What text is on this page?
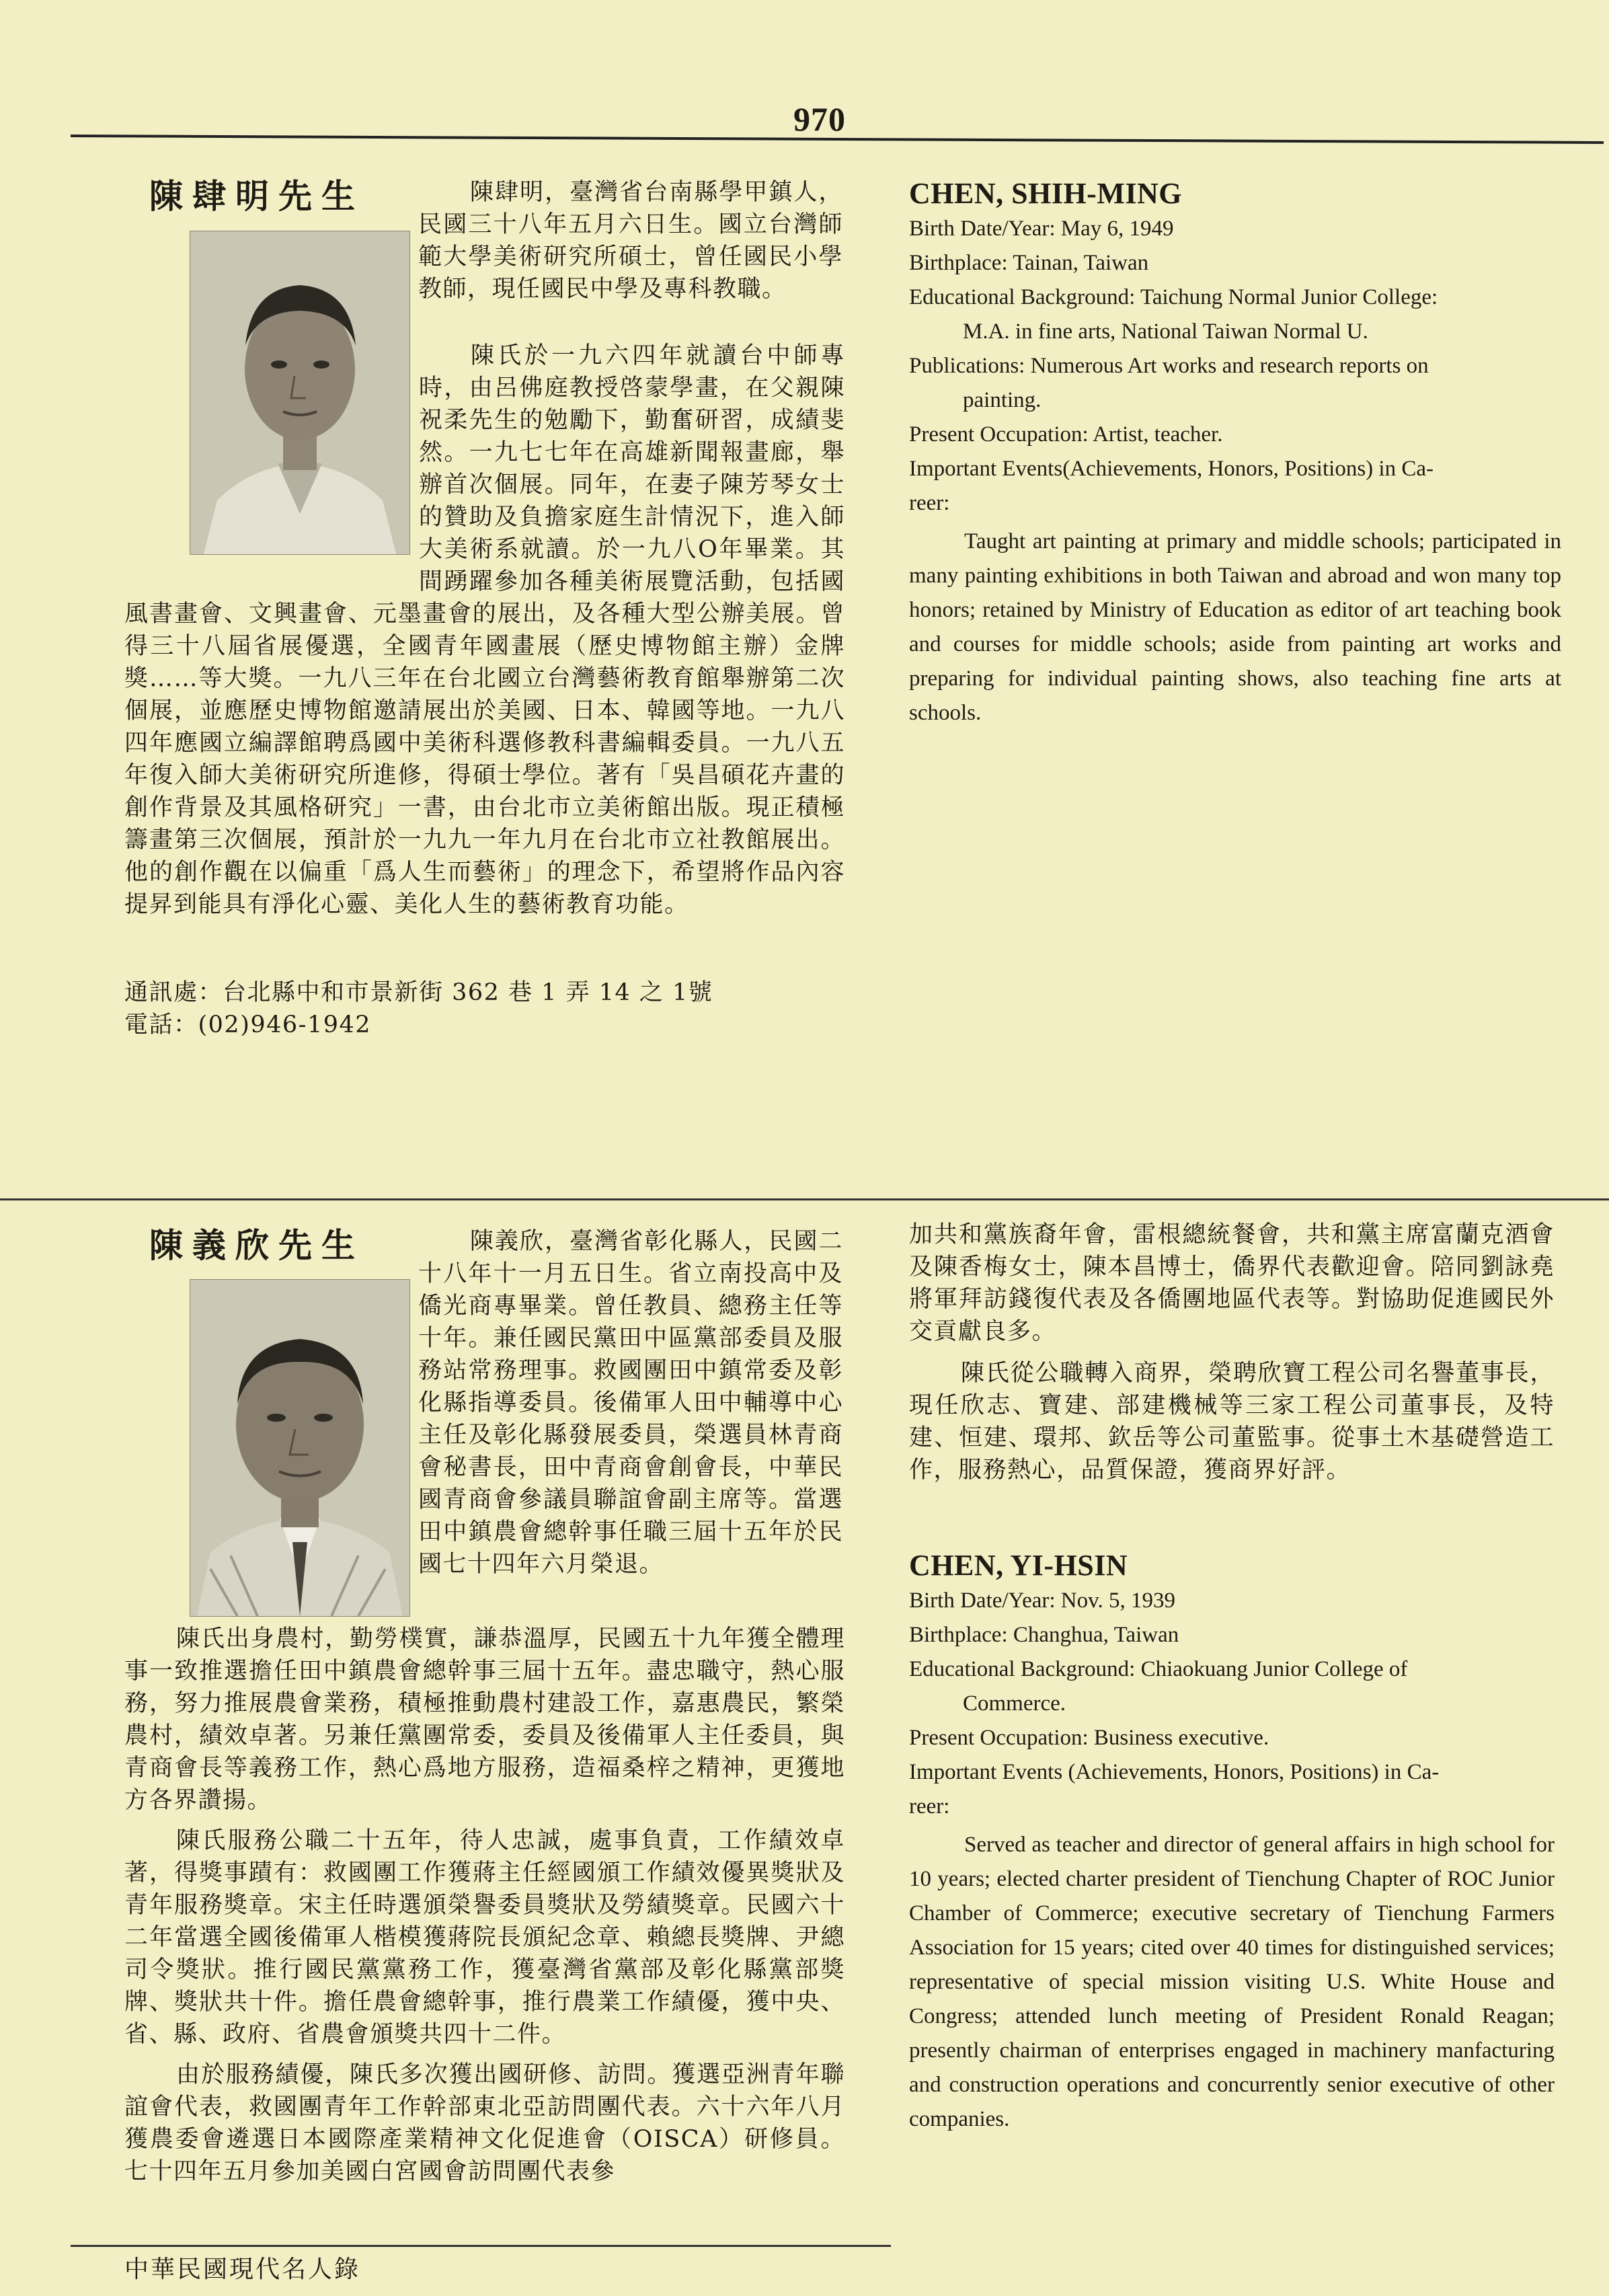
970
陳肆明先生	陳肆明，臺灣省台南縣學甲鎮人，民國三十八年五月六日生。國立台灣師範大學美術研究所碩士，曾任國民小學教師，現任國民中學及專科教職。

陳氏於一九六四年就讀台中師專時，由呂佛庭教授啓蒙學畫，在父親陳祝柔先生的勉勵下，勤奮研習，成績斐然。一九七七年在高雄新聞報畫廊，舉辦首次個展。同年，在妻子陳芳琴女士的贊助及負擔家庭生計情況下，進入師大美術系就讀。於一九八O年畢業。其間踴躍參加各種美術展覽活動，包括國風書畫會、文興畫會、元墨畫會的展出，及各種大型公辦美展。曾得三十八屆省展優選，全國青年國畫展（歷史博物館主辦）金牌獎……等大獎。一九八三年在台北國立台灣藝術教育館舉辦第二次個展，並應歷史博物館邀請展出於美國、日本、韓國等地。一九八四年應國立編譯館聘爲國中美術科選修教科書編輯委員。一九八五年復入師大美術研究所進修，得碩士學位。著有「吳昌碩花卉畫的創作背景及其風格研究」一書，由台北市立美術館出版。現正積極籌畫第三次個展，預計於一九九一年九月在台北市立社教館展出。他的創作觀在以偏重「爲人生而藝術」的理念下，希望將作品內容提昇到能具有淨化心靈、美化人生的藝術教育功能。

通訊處：台北縣中和市景新街 362 巷 1 弄 14 之 1號

電話：(02)946-1942

CHEN, SHIH-MING
Birth Date/Year: May 6, 1949
Birthplace: Tainan, Taiwan
Educational Background: Taichung Normal Junior College:
M.A. in fine arts, National Taiwan Normal U.
Publications: Numerous Art works and research reports on
painting.
Present Occupation: Artist, teacher.
Important Events(Achievements, Honors, Positions) in Ca-
reer:
Taught art painting at primary and middle schools; participated in many painting exhibitions in both Taiwan and abroad and won many top honors; retained by Ministry of Education as editor of art teaching book and courses for middle schools; aside from painting art works and preparing for individual painting shows, also teaching fine arts at schools.
陳義欣先生	陳義欣，臺灣省彰化縣人，民國二十八年十一月五日生。省立南投高中及僑光商專畢業。曾任教員、總務主任等十年。兼任國民黨田中區黨部委員及服務站常務理事。救國團田中鎮常委及彰化縣指導委員。後備軍人田中輔導中心主任及彰化縣發展委員，榮選員林青商會秘書長，田中青商會創會長，中華民國青商會參議員聯誼會副主席等。當選田中鎮農會總幹事任職三屆十五年於民國七十四年六月榮退。

陳氏出身農村，勤勞樸實，謙恭溫厚，民國五十九年獲全體理事一致推選擔任田中鎮農會總幹事三屆十五年。盡忠職守，熱心服務，努力推展農會業務，積極推動農村建設工作，嘉惠農民，繁榮農村，績效卓著。另兼任黨團常委，委員及後備軍人主任委員，與青商會長等義務工作，熱心爲地方服務，造福桑梓之精神，更獲地方各界讚揚。

陳氏服務公職二十五年，待人忠誠，處事負責，工作績效卓著，得獎事蹟有：救國團工作獲蔣主任經國頒工作績效優異獎狀及青年服務獎章。宋主任時選頒榮譽委員獎狀及勞績獎章。民國六十二年當選全國後備軍人楷模獲蔣院長頒紀念章、賴總長獎牌、尹總司令獎狀。推行國民黨黨務工作，獲臺灣省黨部及彰化縣黨部獎牌、獎狀共十件。擔任農會總幹事，推行農業工作績優，獲中央、省、縣、政府、省農會頒獎共四十二件。

由於服務績優，陳氏多次獲出國研修、訪問。獲選亞洲青年聯誼會代表，救國團青年工作幹部東北亞訪問團代表。六十六年八月獲農委會遴選日本國際產業精神文化促進會（OISCA）研修員。七十四年五月參加美國白宮國會訪問團代表參

加共和黨族裔年會，雷根總統餐會，共和黨主席富蘭克酒會及陳香梅女士，陳本昌博士，僑界代表歡迎會。陪同劉詠堯將軍拜訪錢復代表及各僑團地區代表等。對協助促進國民外交貢獻良多。

陳氏從公職轉入商界，榮聘欣寶工程公司名譽董事長，現任欣志、寶建、部建機械等三家工程公司董事長，及特建、恒建、環邦、欽岳等公司董監事。從事土木基礎營造工作，服務熱心，品質保證，獲商界好評。

CHEN, YI-HSIN
Birth Date/Year: Nov. 5, 1939
Birthplace: Changhua, Taiwan
Educational Background: Chiaokuang Junior College of
Commerce.
Present Occupation: Business executive.
Important Events (Achievements, Honors, Positions) in Ca-
reer:
Served as teacher and director of general affairs in high school for 10 years; elected charter president of Tienchung Chapter of ROC Junior Chamber of Commerce; executive secretary of Tienchung Farmers Association for 15 years; cited over 40 times for distinguished services; representative of special mission visiting U.S. White House and Congress; attended lunch meeting of President Ronald Reagan; presently chairman of enterprises engaged in machinery manfacturing and construction operations and concurrently senior executive of other companies.
中華民國現代名人錄
